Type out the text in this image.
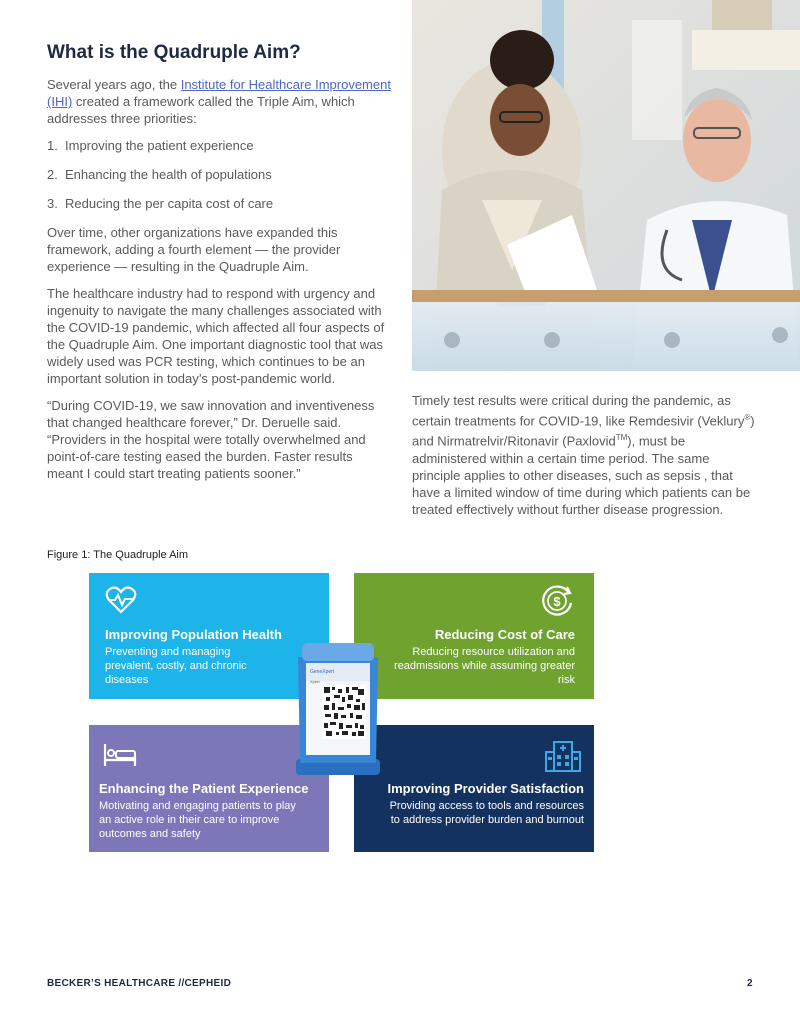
What is the Quadruple Aim?

Several years ago, the Institute for Healthcare Improvement (IHI) created a framework called the Triple Aim, which addresses three priorities:

1. Improving the patient experience
2. Enhancing the health of populations
3. Reducing the per capita cost of care

Over time, other organizations have expanded this framework, adding a fourth element — the provider experience — resulting in the Quadruple Aim.

The healthcare industry had to respond with urgency and ingenuity to navigate the many challenges associated with the COVID-19 pandemic, which affected all four aspects of the Quadruple Aim. One important diagnostic tool that was widely used was PCR testing, which continues to be an important solution in today’s post-pandemic world.

“During COVID-19, we saw innovation and inventiveness that changed healthcare forever,” Dr. Deruelle said. “Providers in the hospital were totally overwhelmed and point-of-care testing eased the burden. Faster results meant I could start treating patients sooner.”

Timely test results were critical during the pandemic, as certain treatments for COVID-19, like Remdesivir (Veklury®) and Nirmatrelvir/Ritonavir (Paxlovid™), must be administered within a certain time period. The same principle applies to other diseases, such as sepsis , that have a limited window of time during which patients can be treated effectively without further disease progression.
Figure 1: The Quadruple Aim
Improving Population Health
Preventing and managing prevalent, costly, and chronic diseases
$
Reducing Cost of Care
Reducing resource utilization and readmissions while assuming greater risk
Enhancing the Patient Experience
Motivating and engaging patients to play an active role in their care to improve outcomes and safety
Improving Provider Satisfaction
Providing access to tools and resources to address provider burden and burnout
GeneXpert
Xpert
BECKER’S HEALTHCARE //CEPHEID	2
